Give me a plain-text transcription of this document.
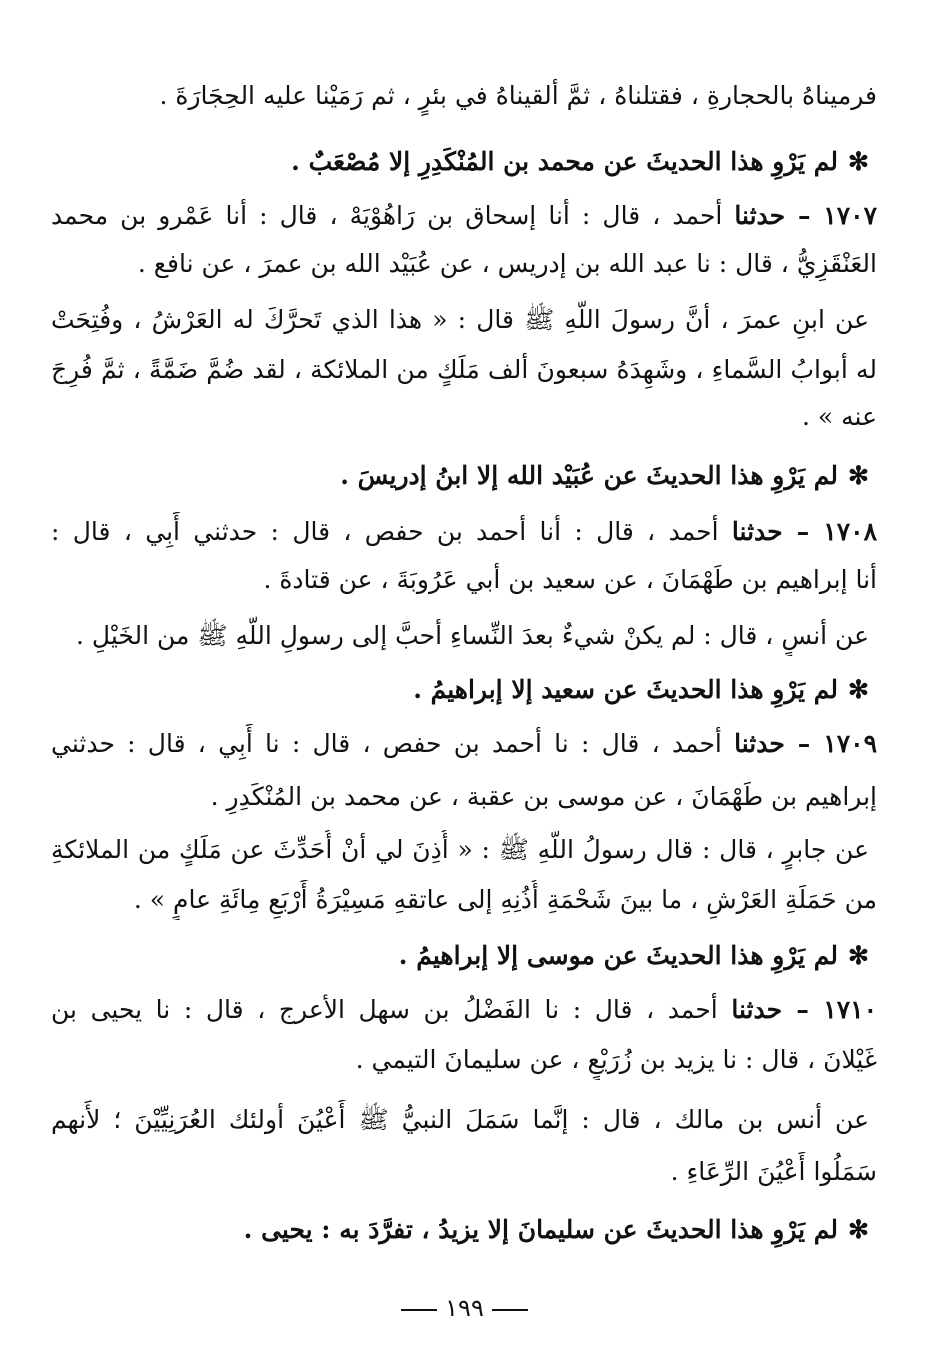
فرميناهُ بالحجارةِ ، فقتلناهُ ، ثمَّ ألقيناهُ في بئرٍ ، ثم رَمَيْنا عليه الحِجَارَةَ .
✻لم يَرْوِ هذا الحديثَ عن محمد بن المُنْكَدِرِ إلا مُصْعَبٌ .
١٧٠٧ – حدثنا أحمد ، قال : أنا إسحاق بن رَاهُوْيَهْ ، قال : أنا عَمْرو بن محمد
العَنْقَزِيُّ ، قال : نا عبد الله بن إدريس ، عن عُبَيْد الله بن عمرَ ، عن نافع .
عن ابنِ عمرَ ، أنَّ رسولَ اللَّهِ ﷺ قال : « هذا الذي تَحرَّكَ له العَرْشُ ، وفُتِحَتْ
له أبوابُ السَّماءِ ، وشَهِدَهُ سبعونَ ألف مَلَكٍ من الملائكة ، لقد ضُمَّ ضَمَّةً ، ثمَّ فُرِجَ
عنه » .
✻لم يَرْوِ هذا الحديثَ عن عُبَيْد الله إلا ابنُ إدريسَ .
١٧٠٨ – حدثنا أحمد ، قال : أنا أحمد بن حفص ، قال : حدثني أَبِي ، قال :
أنا إبراهيم بن طَهْمَانَ ، عن سعيد بن أبي عَرُوبَةَ ، عن قتادةَ .
عن أنسٍ ، قال : لم يكنْ شيءٌ بعدَ النِّساءِ أحبَّ إلى رسولِ اللَّهِ ﷺ من الخَيْلِ .
✻لم يَرْوِ هذا الحديثَ عن سعيد إلا إبراهيمُ .
١٧٠٩ – حدثنا أحمد ، قال : نا أحمد بن حفص ، قال : نا أَبِي ، قال : حدثني
إبراهيم بن طَهْمَانَ ، عن موسى بن عقبة ، عن محمد بن المُنْكَدِرِ .
عن جابرٍ ، قال : قال رسولُ اللَّهِ ﷺ : « أُذِنَ لي أنْ أُحَدِّثَ عن مَلَكٍ من الملائكةِ
من حَمَلَةِ العَرْشِ ، ما بينَ شَحْمَةِ أُذُنِهِ إلى عاتقهِ مَسِيْرَةُ أَرْبَعِ مِائَةِ عامٍ » .
✻لم يَرْوِ هذا الحديثَ عن موسى إلا إبراهيمُ .
١٧١٠ – حدثنا أحمد ، قال : نا الفَضْلُ بن سهل الأعرج ، قال : نا يحيى بن
غَيْلانَ ، قال : نا يزيد بن زُرَيْعٍ ، عن سليمانَ التيمي .
عن أنس بن مالك ، قال : إنَّما سَمَلَ النبيُّ ﷺ أَعْيُنَ أولئك العُرَنِيِّيْنَ ؛ لأَنهم
سَمَلُوا أَعْيُنَ الرِّعَاءِ .
✻لم يَرْوِ هذا الحديثَ عن سليمانَ إلا يزيدُ ، تفرَّدَ به : يحيى .
١٩٩
